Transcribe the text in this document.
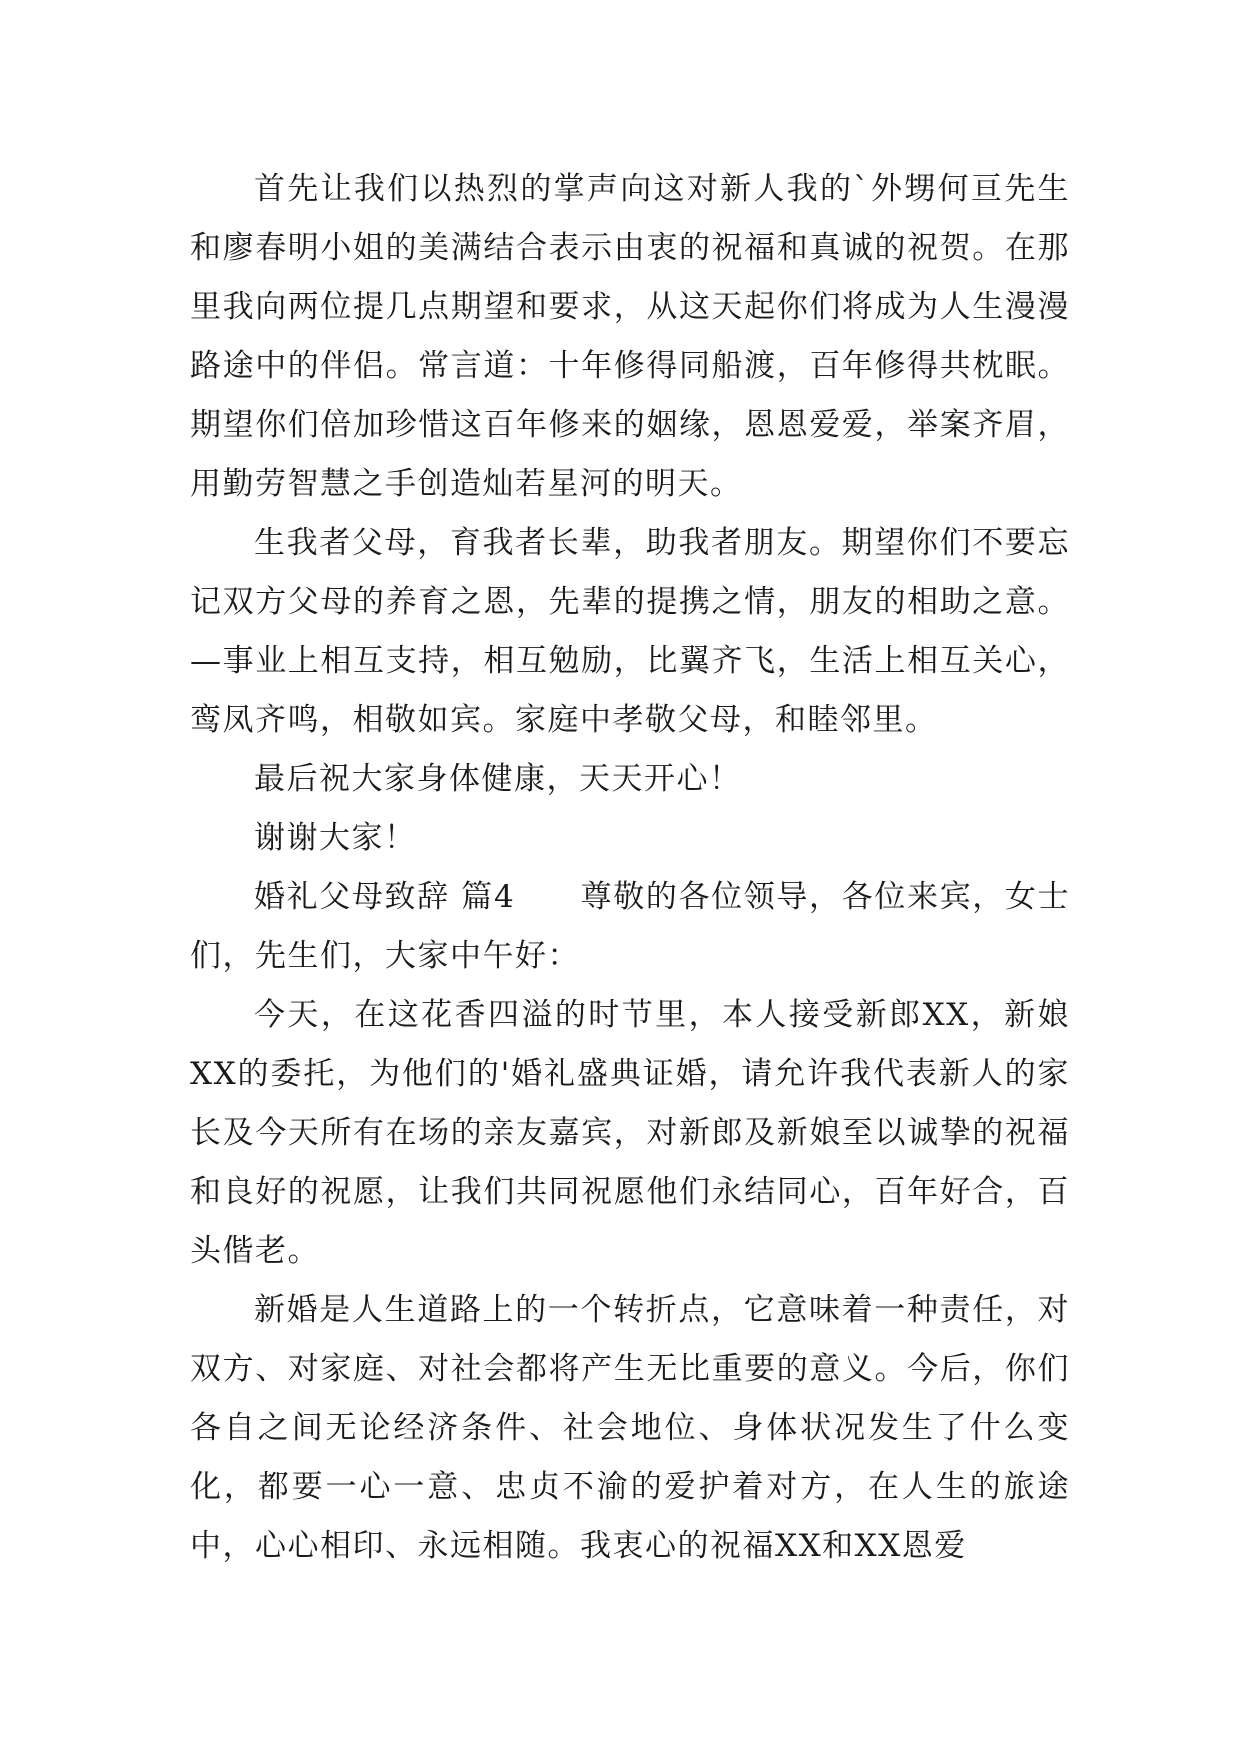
首先让我们以热烈的掌声向这对新人我的`外甥何亘先生和廖春明小姐的美满结合表示由衷的祝福和真诚的祝贺。在那里我向两位提几点期望和要求，从这天起你们将成为人生漫漫路途中的伴侣。常言道：十年修得同船渡，百年修得共枕眠。期望你们倍加珍惜这百年修来的姻缘，恩恩爱爱，举案齐眉，用勤劳智慧之手创造灿若星河的明天。

生我者父母，育我者长辈，助我者朋友。期望你们不要忘记双方父母的养育之恩，先辈的提携之情，朋友的相助之意。—事业上相互支持，相互勉励，比翼齐飞，生活上相互关心，鸾凤齐鸣，相敬如宾。家庭中孝敬父母，和睦邻里。

最后祝大家身体健康，天天开心！

谢谢大家！

婚礼父母致辞 篇4　　尊敬的各位领导，各位来宾，女士们，先生们，大家中午好：

今天，在这花香四溢的时节里，本人接受新郎XX，新娘XX的委托，为他们的'婚礼盛典证婚，请允许我代表新人的家长及今天所有在场的亲友嘉宾，对新郎及新娘至以诚挚的祝福和良好的祝愿，让我们共同祝愿他们永结同心，百年好合，百头偕老。

新婚是人生道路上的一个转折点，它意味着一种责任，对双方、对家庭、对社会都将产生无比重要的意义。今后，你们各自之间无论经济条件、社会地位、身体状况发生了什么变化，都要一心一意、忠贞不渝的爱护着对方，在人生的旅途中，心心相印、永远相随。我衷心的祝福XX和XX恩爱
